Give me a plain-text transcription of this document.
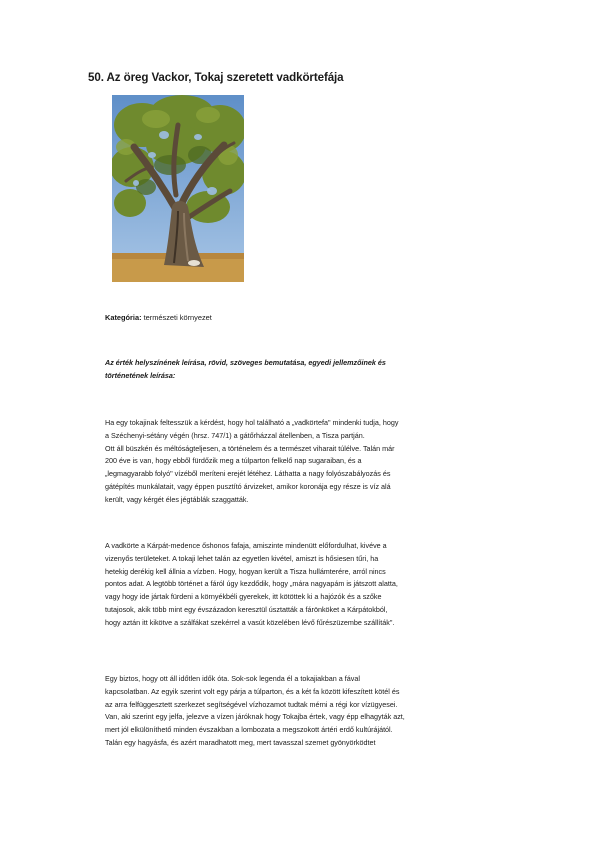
50. Az öreg Vackor, Tokaj szeretett vadkörtefája
Kategória: természeti környezet
Az érték helyszínének leírása, rövid, szöveges bemutatása, egyedi jellemzőinek és
történetének leírása:
Ha egy tokajinak feltesszük a kérdést, hogy hol található a „vadkörtefa" mindenki tudja, hogy
a Széchenyi-sétány végén (hrsz. 747/1) a gátőrházzal átellenben, a Tisza partján.
Ott áll büszkén és méltóságteljesen, a történelem és a természet viharait túlélve. Talán már
200 éve is van, hogy ebből fürdőzik meg a túlparton felkelő nap sugaraiban, és a
„legmagyarabb folyó" vízéből meríteni erejét létéhez. Láthatta a nagy folyószabályozás és
gátépítés munkálatait, vagy éppen pusztító árvizeket, amikor koronája egy része is víz alá
került, vagy kérgét éles jégtáblák szaggatták.
A vadkörte a Kárpát-medence őshonos fafaja, amiszinte mindenütt előfordulhat, kivéve a
vizenyős területeket. A tokaji lehet talán az egyetlen kivétel, amiszt is hősiesen tűri, ha
hetekig derékig kell állnia a vízben. Hogy, hogyan került a Tisza hullámterére, arról nincs
pontos adat. A legtöbb történet a fáról úgy kezdődik, hogy „mára nagyapám is játszott alatta,
vagy hogy ide jártak fürdeni a környékbéli gyerekek, itt kötöttek ki a hajózók és a szőke
tutajosok, akik több mint egy évszázadon keresztül úsztatták a fárönköket a Kárpátokból,
hogy aztán itt kikötve a szálfákat szekérrel a vasút közelében lévő fűrészüzembe szállíták".
Egy biztos, hogy ott áll időtlen idők óta. Sok-sok legenda él a tokajiakban a fával
kapcsolatban. Az egyik szerint volt egy párja a túlparton, és a két fa között kifeszített kötél és
az arra felfüggesztett szerkezet segítségével vízhozamot tudtak mérni a régi kor vízügyesei.
Van, aki szerint egy jelfa, jelezve a vízen járóknak hogy Tokajba értek, vagy épp elhagyták azt,
mert jól elkülöníthető minden évszakban a lombozata a megszokott ártéri erdő kultúrájától.
Talán egy hagyásfa, és azért maradhatott meg, mert tavasszal szemet gyönyörködtet
